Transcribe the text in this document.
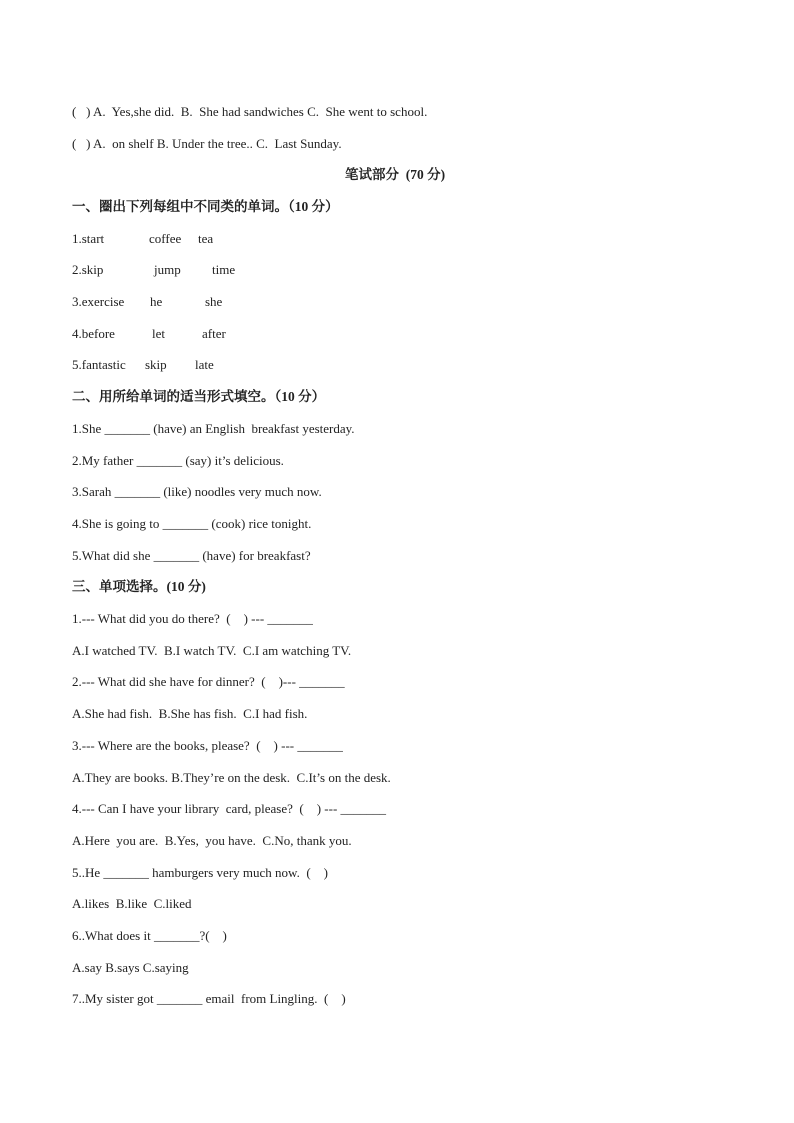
(   ) A.  Yes,she did.  B.  She had sandwiches C.  She went to school.
(   ) A.  on shelf B. Under the tree.. C.  Last Sunday.
笔试部分  (70 分)
一、圈出下列每组中不同类的单词。（10 分）
1.start	coffee tea
2.skip	jump time
3.exercise he	she
4.before	let	after
5.fantastic skip late
二、用所给单词的适当形式填空。（10 分）
1.She _______ (have) an English  breakfast yesterday.
2.My father _______ (say) it’s delicious.
3.Sarah _______ (like) noodles very much now.
4.She is going to _______ (cook) rice tonight.
5.What did she _______ (have) for breakfast?
三、单项选择。(10 分)
1.--- What did you do there?  (    ) --- _______
A.I watched TV.  B.I watch TV.  C.I am watching TV.
2.--- What did she have for dinner?  (    )--- _______
A.She had fish.  B.She has fish.  C.I had fish.
3.--- Where are the books, please?  (    ) --- _______
A.They are books. B.They’re on the desk.  C.It’s on the desk.
4.--- Can I have your library  card, please?  (    ) --- _______
A.Here  you are.  B.Yes,  you have.  C.No, thank you.
5..He _______ hamburgers very much now.  (    )
A.likes  B.like  C.liked
6..What does it _______?(    )
A.say B.says C.saying
7..My sister got _______ email  from Lingling.  (    )
